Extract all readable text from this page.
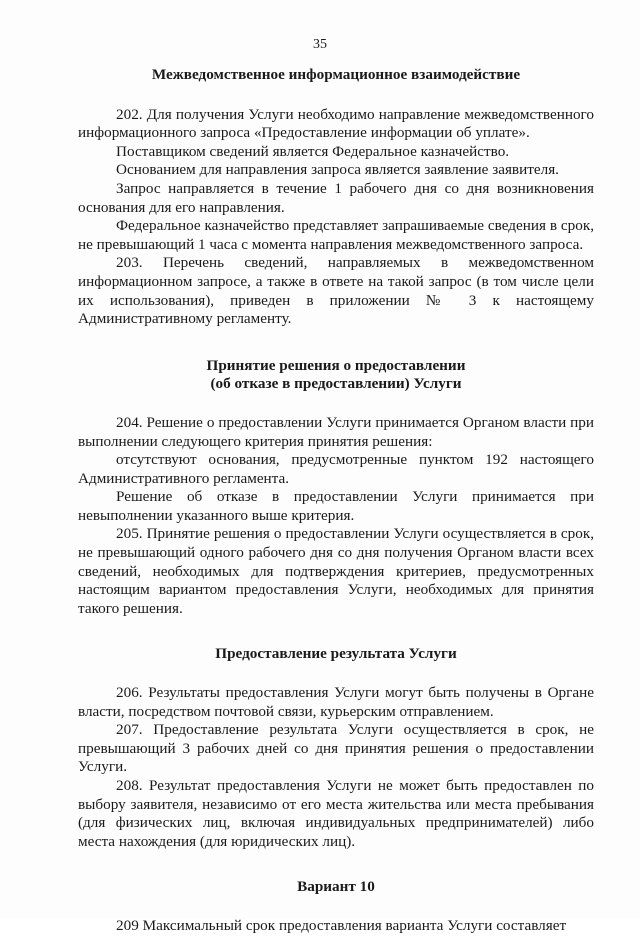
35
Межведомственное информационное взаимодействие

202. Для получения Услуги необходимо направление межведомственного информационного запроса «Предоставление информации об уплате».

Поставщиком сведений является Федеральное казначейство.

Основанием для направления запроса является заявление заявителя.

Запрос направляется в течение 1 рабочего дня со дня возникновения основания для его направления.

Федеральное казначейство представляет запрашиваемые сведения в срок, не превышающий 1 часа с момента направления межведомственного запроса.

203. Перечень сведений, направляемых в межведомственном информационном запросе, а также в ответе на такой запрос (в том числе цели их использования), приведен в приложении № 3 к настоящему Административному регламенту.

Принятие решения о предоставлении
(об отказе в предоставлении) Услуги

204. Решение о предоставлении Услуги принимается Органом власти при выполнении следующего критерия принятия решения:

отсутствуют основания, предусмотренные пунктом 192 настоящего Административного регламента.

Решение об отказе в предоставлении Услуги принимается при невыполнении указанного выше критерия.

205. Принятие решения о предоставлении Услуги осуществляется в срок, не превышающий одного рабочего дня со дня получения Органом власти всех сведений, необходимых для подтверждения критериев, предусмотренных настоящим вариантом предоставления Услуги, необходимых для принятия такого решения.

Предоставление результата Услуги

206. Результаты предоставления Услуги могут быть получены в Органе власти, посредством почтовой связи, курьерским отправлением.

207. Предоставление результата Услуги осуществляется в срок, не превышающий 3 рабочих дней со дня принятия решения о предоставлении Услуги.

208. Результат предоставления Услуги не может быть предоставлен по выбору заявителя, независимо от его места жительства или места пребывания (для физических лиц, включая индивидуальных предпринимателей) либо места нахождения (для юридических лиц).

Вариант 10

209 Максимальный срок предоставления варианта Услуги составляет
